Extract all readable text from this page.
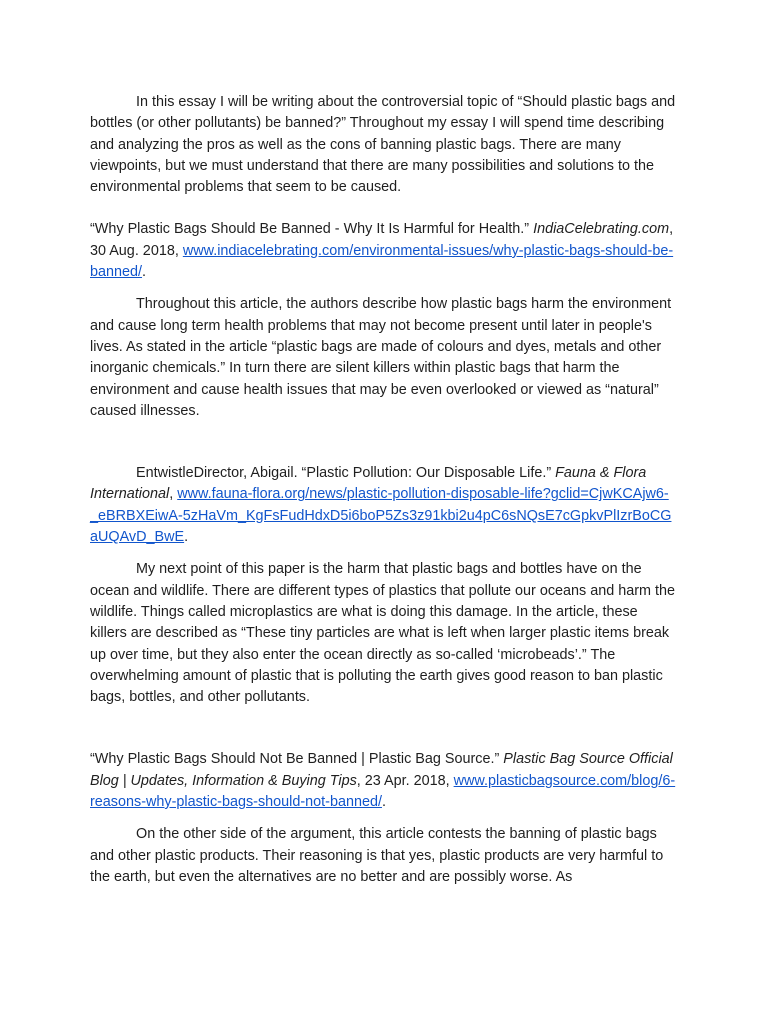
In this essay I will be writing about the controversial topic of “Should plastic bags and bottles (or other pollutants) be banned?” Throughout my essay I will spend time describing and analyzing the pros as well as the cons of banning plastic bags. There are many viewpoints, but we must understand that there are many possibilities and solutions to the environmental problems that seem to be caused.

“Why Plastic Bags Should Be Banned - Why It Is Harmful for Health.” IndiaCelebrating.com, 30 Aug. 2018, www.indiacelebrating.com/environmental-issues/why-plastic-bags-should-be-banned/.

Throughout this article, the authors describe how plastic bags harm the environment and cause long term health problems that may not become present until later in people's lives. As stated in the article “plastic bags are made of colours and dyes, metals and other inorganic chemicals.” In turn there are silent killers within plastic bags that harm the environment and cause health issues that may be even overlooked or viewed as “natural” caused illnesses.

EntwistleDirector, Abigail. “Plastic Pollution: Our Disposable Life.” Fauna & Flora International, www.fauna-flora.org/news/plastic-pollution-disposable-life?gclid=CjwKCAjw6-_eBRBXEiwA-5zHaVm_KgFsFudHdxD5i6boP5Zs3z91kbi2u4pC6sNQsE7cGpkvPlIzrBoCGaUQAvD_BwE.

My next point of this paper is the harm that plastic bags and bottles have on the ocean and wildlife. There are different types of plastics that pollute our oceans and harm the wildlife. Things called microplastics are what is doing this damage. In the article, these killers are described as “These tiny particles are what is left when larger plastic items break up over time, but they also enter the ocean directly as so-called ‘microbeads’.” The overwhelming amount of plastic that is polluting the earth gives good reason to ban plastic bags, bottles, and other pollutants.

“Why Plastic Bags Should Not Be Banned | Plastic Bag Source.” Plastic Bag Source Official Blog | Updates, Information & Buying Tips, 23 Apr. 2018, www.plasticbagsource.com/blog/6-reasons-why-plastic-bags-should-not-banned/.

On the other side of the argument, this article contests the banning of plastic bags and other plastic products. Their reasoning is that yes, plastic products are very harmful to the earth, but even the alternatives are no better and are possibly worse. As
